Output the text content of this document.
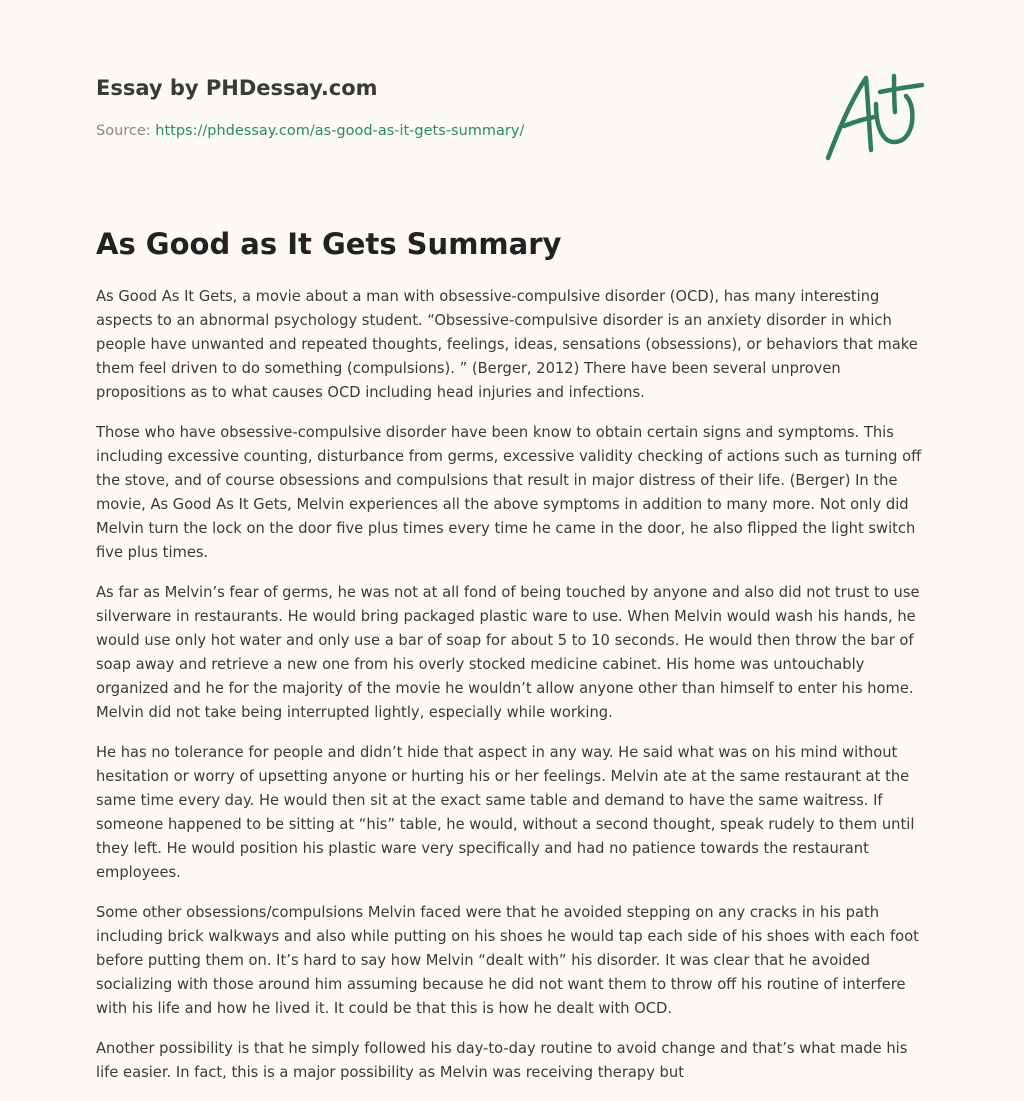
Essay by PHDessay.com
Source: https://phdessay.com/as-good-as-it-gets-summary/
As Good as It Gets Summary

As Good As It Gets, a movie about a man with obsessive-compulsive disorder (OCD), has many interesting aspects to an abnormal psychology student. “Obsessive-compulsive disorder is an anxiety disorder in which people have unwanted and repeated thoughts, feelings, ideas, sensations (obsessions), or behaviors that make them feel driven to do something (compulsions). ” (Berger, 2012) There have been several unproven propositions as to what causes OCD including head injuries and infections.

Those who have obsessive-compulsive disorder have been know to obtain certain signs and symptoms. This including excessive counting, disturbance from germs, excessive validity checking of actions such as turning off the stove, and of course obsessions and compulsions that result in major distress of their life. (Berger) In the movie, As Good As It Gets, Melvin experiences all the above symptoms in addition to many more. Not only did Melvin turn the lock on the door five plus times every time he came in the door, he also flipped the light switch five plus times.

As far as Melvin’s fear of germs, he was not at all fond of being touched by anyone and also did not trust to use silverware in restaurants. He would bring packaged plastic ware to use. When Melvin would wash his hands, he would use only hot water and only use a bar of soap for about 5 to 10 seconds. He would then throw the bar of soap away and retrieve a new one from his overly stocked medicine cabinet. His home was untouchably organized and he for the majority of the movie he wouldn’t allow anyone other than himself to enter his home. Melvin did not take being interrupted lightly, especially while working.

He has no tolerance for people and didn’t hide that aspect in any way. He said what was on his mind without hesitation or worry of upsetting anyone or hurting his or her feelings. Melvin ate at the same restaurant at the same time every day. He would then sit at the exact same table and demand to have the same waitress. If someone happened to be sitting at “his” table, he would, without a second thought, speak rudely to them until they left. He would position his plastic ware very specifically and had no patience towards the restaurant employees.

Some other obsessions/compulsions Melvin faced were that he avoided stepping on any cracks in his path including brick walkways and also while putting on his shoes he would tap each side of his shoes with each foot before putting them on. It’s hard to say how Melvin “dealt with” his disorder. It was clear that he avoided socializing with those around him assuming because he did not want them to throw off his routine of interfere with his life and how he lived it. It could be that this is how he dealt with OCD.

Another possibility is that he simply followed his day-to-day routine to avoid change and that’s what made his life easier. In fact, this is a major possibility as Melvin was receiving therapy but
